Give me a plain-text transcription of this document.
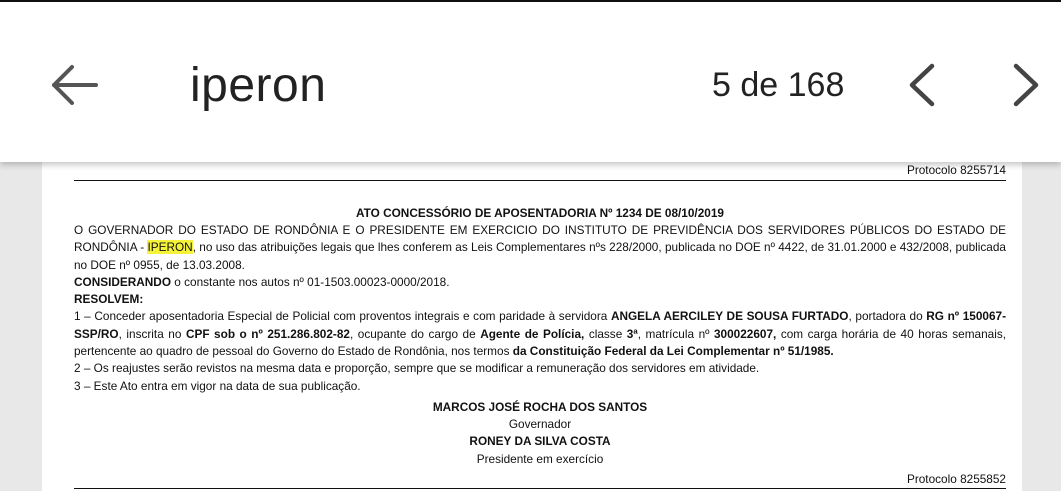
iperon	5 de 168
Protocolo 8255714
ATO CONCESSÓRIO DE APOSENTADORIA Nº 1234 DE 08/10/2019

O GOVERNADOR DO ESTADO DE RONDÔNIA E O PRESIDENTE EM EXERCICIO DO INSTITUTO DE PREVIDÊNCIA DOS SERVIDORES PÚBLICOS DO ESTADO DE RONDÔNIA - IPERON, no uso das atribuições legais que lhes conferem as Leis Complementares nºs 228/2000, publicada no DOE nº 4422, de 31.01.2000 e 432/2008, publicada no DOE nº 0955, de 13.03.2008.

CONSIDERANDO o constante nos autos nº 01-1503.00023-0000/2018.

RESOLVEM:

1 – Conceder aposentadoria Especial de Policial com proventos integrais e com paridade à servidora ANGELA AERCILEY DE SOUSA FURTADO, portadora do RG nº 150067-SSP/RO, inscrita no CPF sob o nº 251.286.802-82, ocupante do cargo de Agente de Polícia, classe 3ª, matrícula nº 300022607, com carga horária de 40 horas semanais, pertencente ao quadro de pessoal do Governo do Estado de Rondônia, nos termos da Constituição Federal da Lei Complementar nº 51/1985.

2 – Os reajustes serão revistos na mesma data e proporção, sempre que se modificar a remuneração dos servidores em atividade.

3 – Este Ato entra em vigor na data de sua publicação.

MARCOS JOSÉ ROCHA DOS SANTOS
Governador
RONEY DA SILVA COSTA
Presidente em exercício
Protocolo 8255852
